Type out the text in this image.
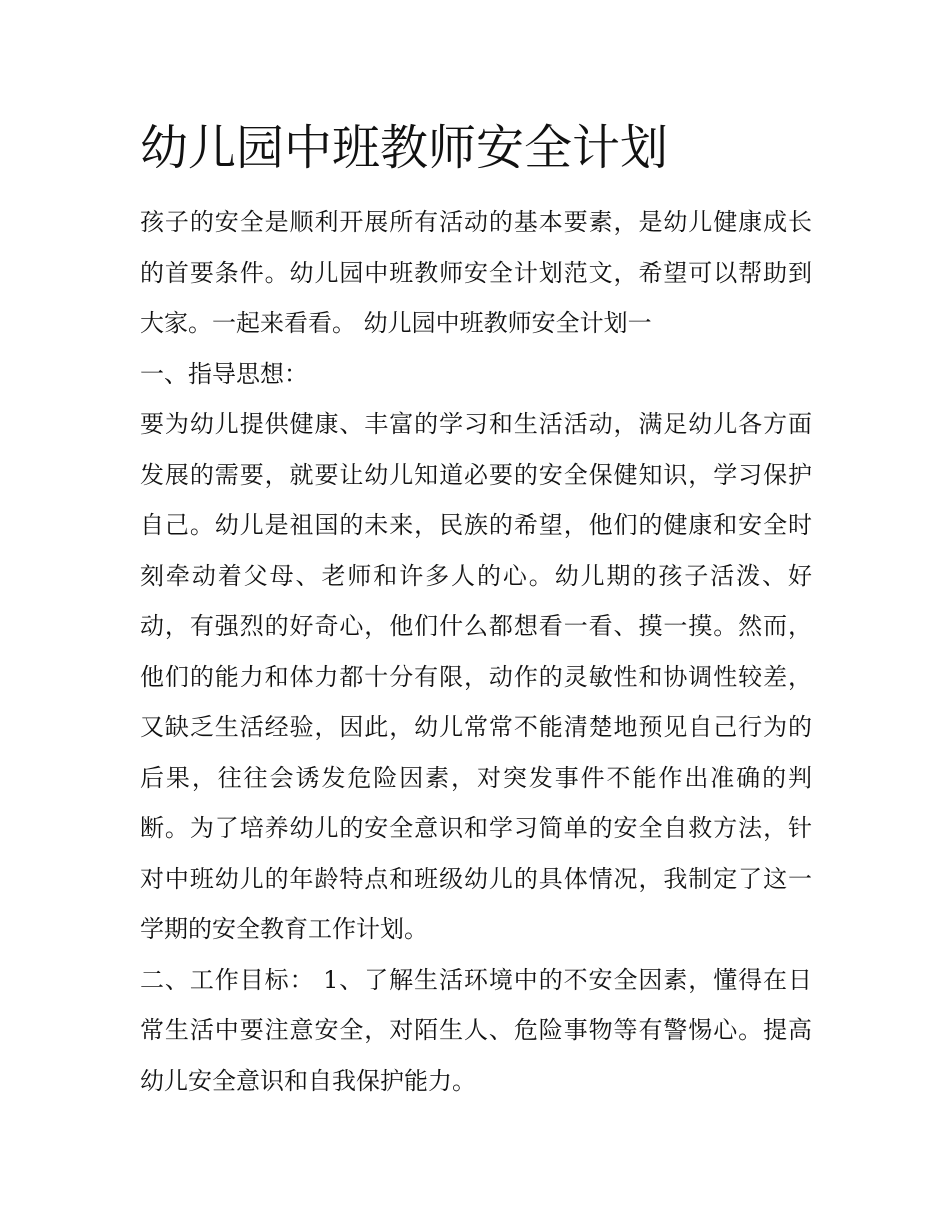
幼儿园中班教师安全计划
孩子的安全是顺利开展所有活动的基本要素，是幼儿健康成长
的首要条件。幼儿园中班教师安全计划范文，希望可以帮助到
大家。一起来看看。 幼儿园中班教师安全计划一
一、指导思想：
要为幼儿提供健康、丰富的学习和生活活动，满足幼儿各方面
发展的需要，就要让幼儿知道必要的安全保健知识，学习保护
自己。幼儿是祖国的未来，民族的希望，他们的健康和安全时
刻牵动着父母、老师和许多人的心。幼儿期的孩子活泼、好
动，有强烈的好奇心，他们什么都想看一看、摸一摸。然而，
他们的能力和体力都十分有限，动作的灵敏性和协调性较差，
又缺乏生活经验，因此，幼儿常常不能清楚地预见自己行为的
后果，往往会诱发危险因素，对突发事件不能作出准确的判
断。为了培养幼儿的安全意识和学习简单的安全自救方法，针
对中班幼儿的年龄特点和班级幼儿的具体情况，我制定了这一
学期的安全教育工作计划。
二、工作目标： 1、了解生活环境中的不安全因素，懂得在日
常生活中要注意安全，对陌生人、危险事物等有警惕心。提高
幼儿安全意识和自我保护能力。
